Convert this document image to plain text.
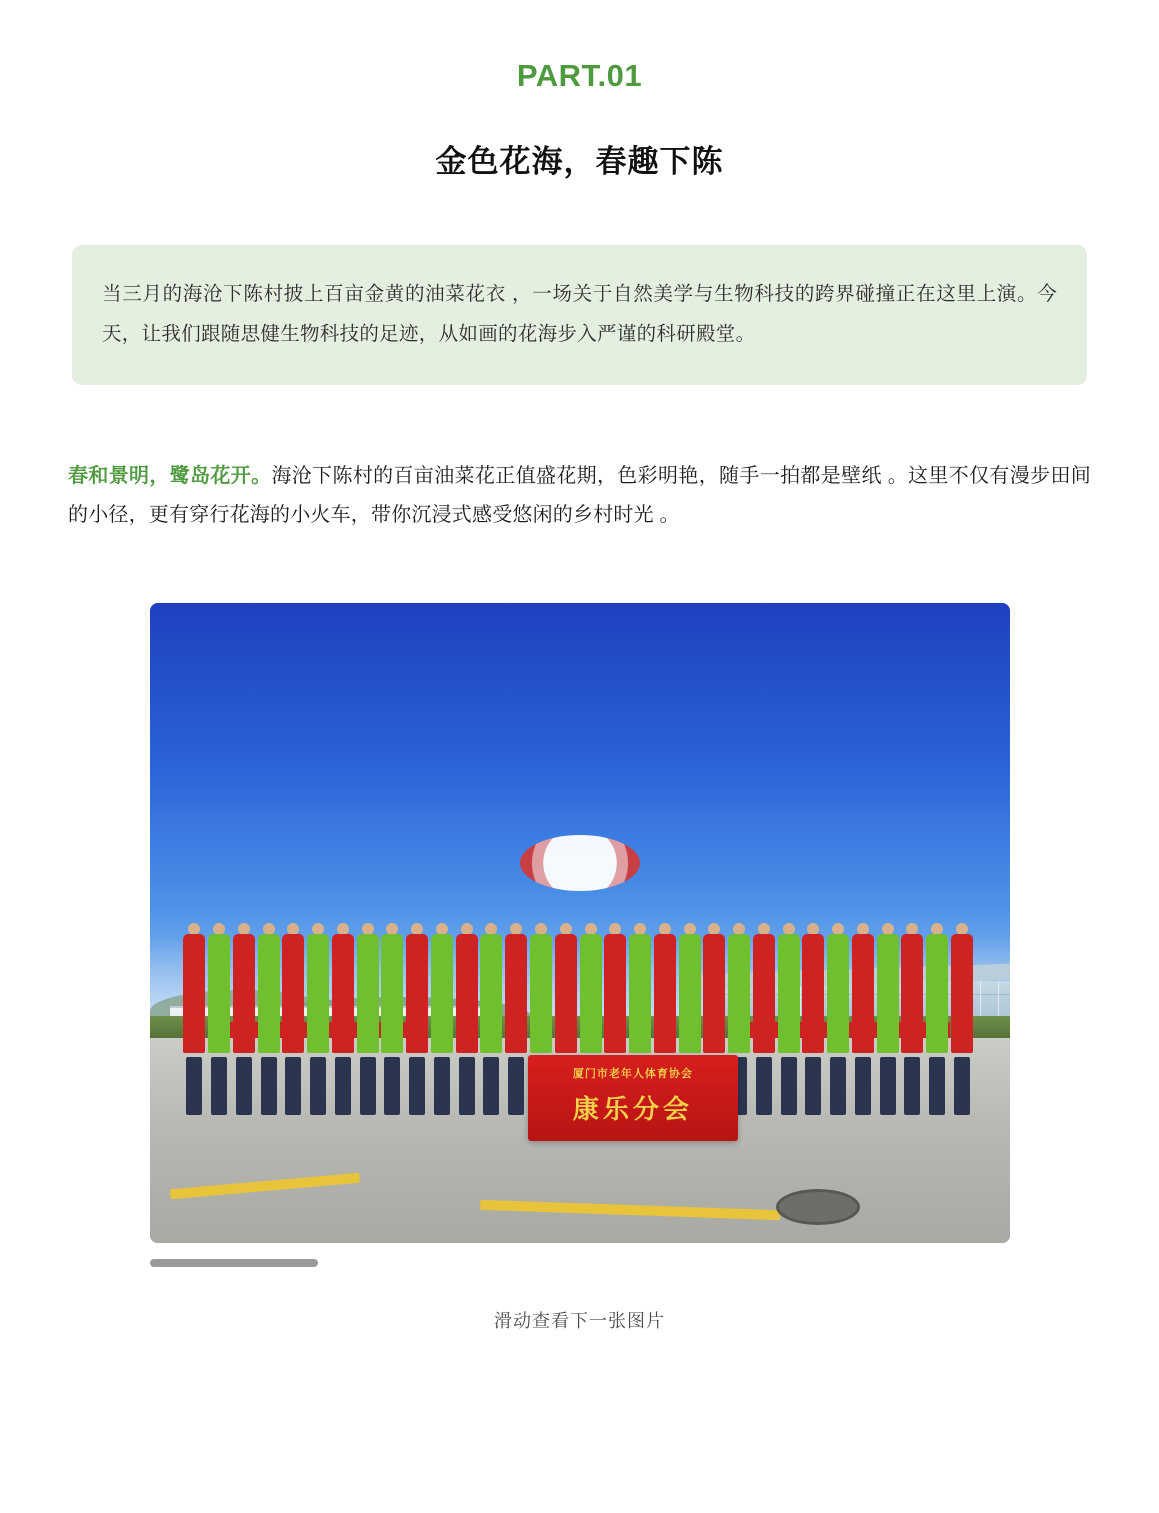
PART.01
金色花海，春趣下陈

当三月的海沧下陈村披上百亩金黄的油菜花衣 ，一场关于自然美学与生物科技的跨界碰撞正在这里上演。今天，让我们跟随思健生物科技的足迹，从如画的花海步入严谨的科研殿堂。

春和景明，鹭岛花开。海沧下陈村的百亩油菜花正值盛花期，色彩明艳，随手一拍都是壁纸 。这里不仅有漫步田间的小径，更有穿行花海的小火车，带你沉浸式感受悠闲的乡村时光 。
厦门市老年人体育协会
康乐分会
滑动查看下一张图片
